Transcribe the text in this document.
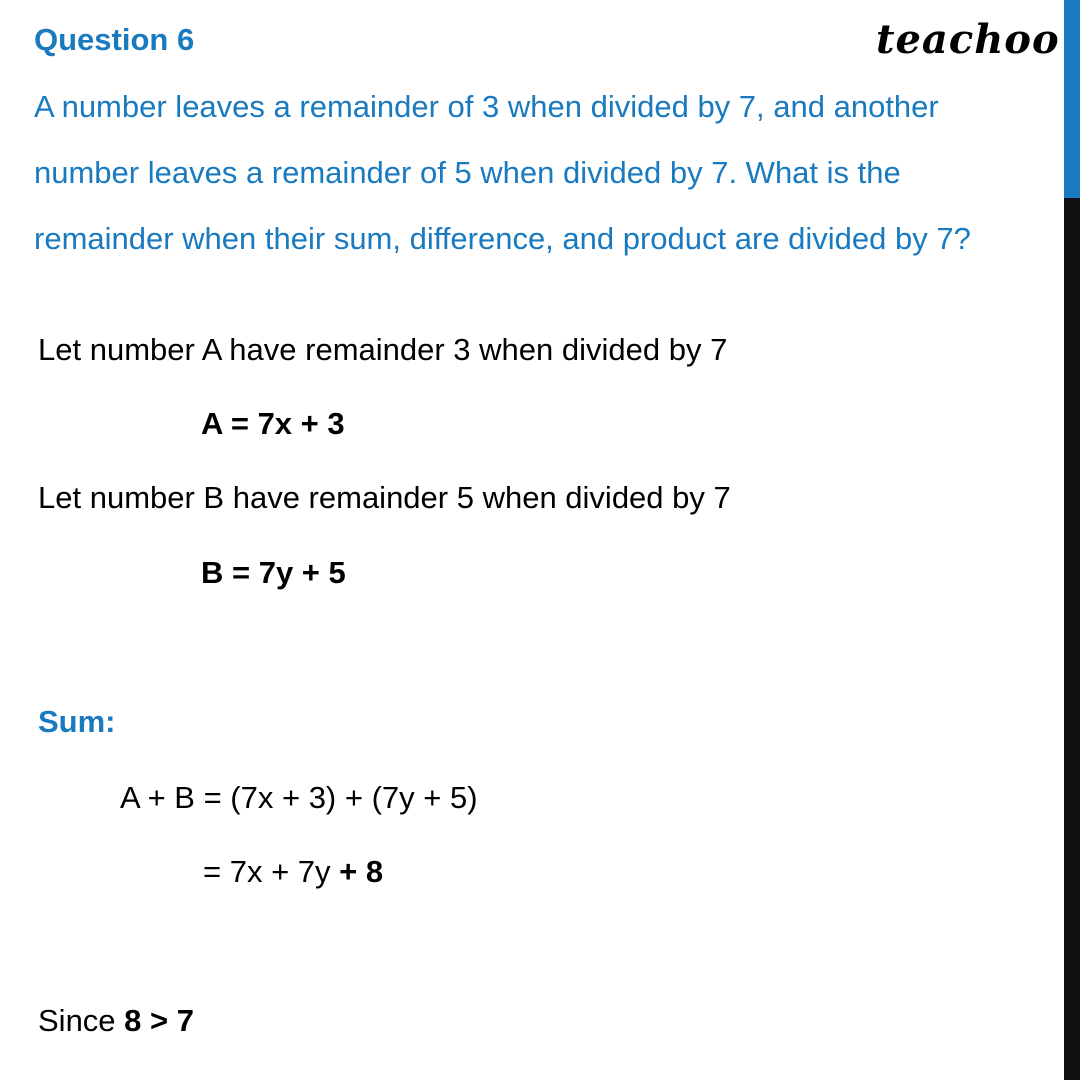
Question 6	teachoo
A number leaves a remainder of 3 when divided by 7, and another
number leaves a remainder of 5 when divided by 7. What is the
remainder when their sum, difference, and product are divided by 7?
Let number A have remainder 3 when divided by 7
A = 7x + 3
Let number B have remainder 5 when divided by 7
B = 7y + 5
Sum:
A + B = (7x + 3) + (7y + 5)
= 7x + 7y + 8
Since 8 > 7
